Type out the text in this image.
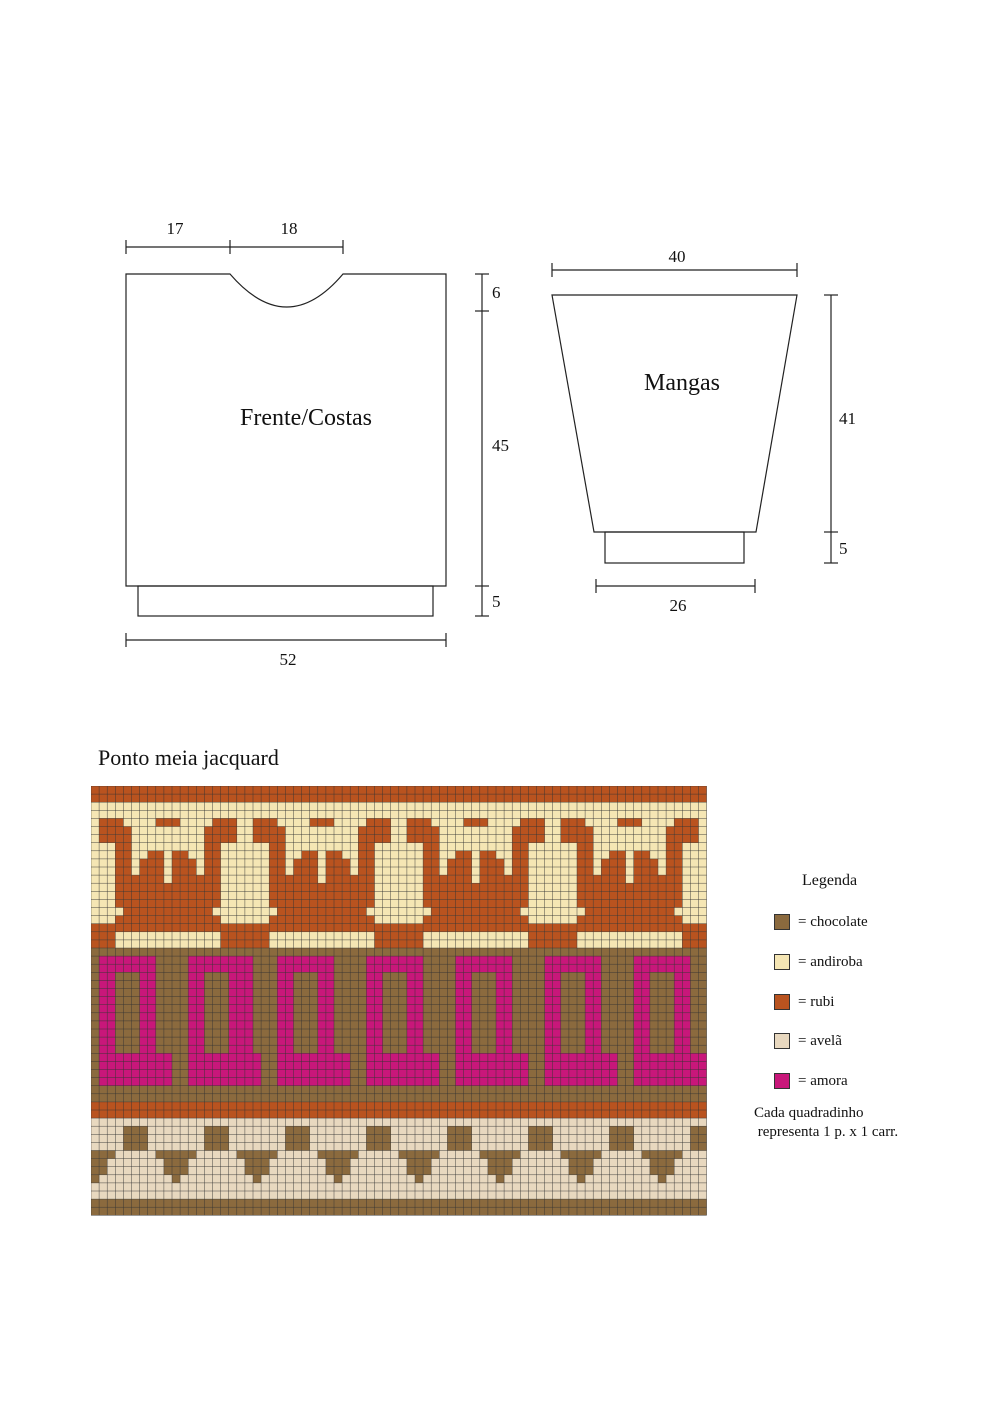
Frente/Costas
17	18
6
45
5
52
Mangas
40
41
5
26
Ponto meia jacquard
Legenda
= chocolate
= andiroba
= rubi
= avelã
= amora
Cada quadradinho
representa 1 p. x 1 carr.
